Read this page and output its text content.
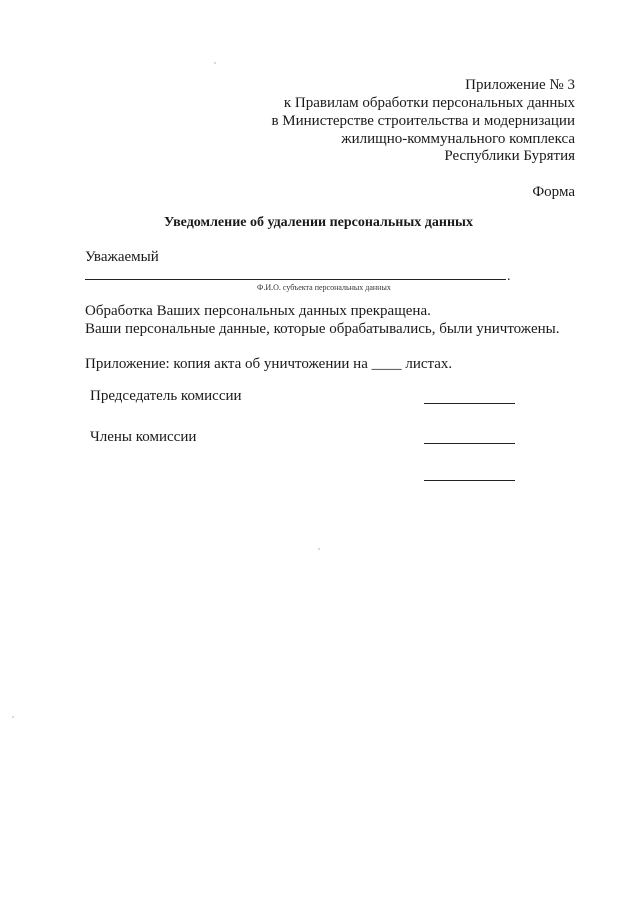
Приложение № 3
к Правилам обработки персональных данных
в Министерстве строительства и модернизации
жилищно-коммунального комплекса
Республики Бурятия
Форма
Уведомление об удалении персональных данных
Уважаемый
.
Ф.И.О. субъекта персональных данных
Обработка Ваших персональных данных прекращена.
Ваши персональные данные, которые обрабатывались, были уничтожены.
Приложение: копия акта об уничтожении на ____ листах.
Председатель комиссии
Члены комиссии
